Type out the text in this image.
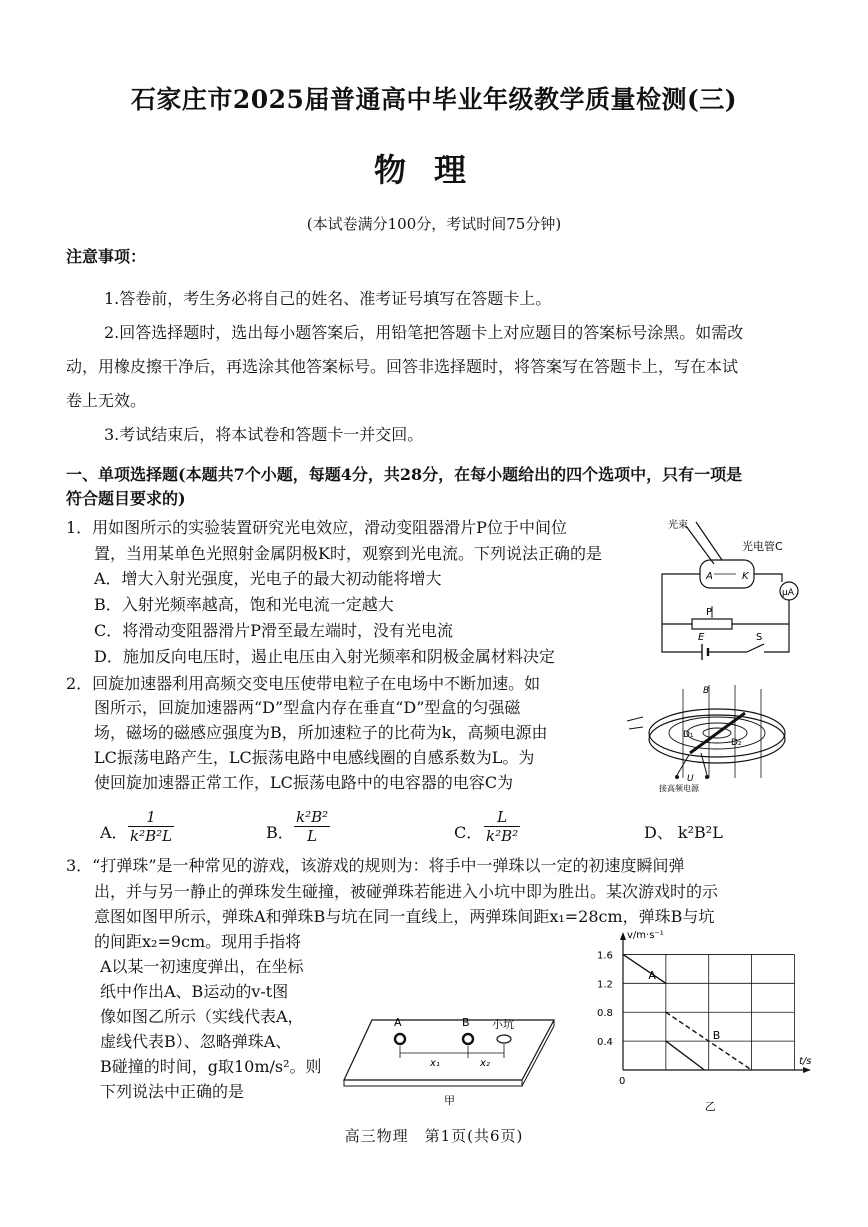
石家庄市2025届普通高中毕业年级教学质量检测(三)
物理
(本试卷满分100分，考试时间75分钟)
注意事项：
1.答卷前，考生务必将自己的姓名、准考证号填写在答题卡上。
2.回答选择题时，选出每小题答案后，用铅笔把答题卡上对应题目的答案标号涂黑。如需改
动，用橡皮擦干净后，再选涂其他答案标号。回答非选择题时，将答案写在答题卡上，写在本试
卷上无效。
3.考试结束后，将本试卷和答题卡一并交回。
一、单项选择题(本题共7个小题，每题4分，共28分，在每小题给出的四个选项中，只有一项是
符合题目要求的)
1．用如图所示的实验装置研究光电效应，滑动变阻器滑片P位于中间位
置，当用某单色光照射金属阴极K时，观察到光电流。下列说法正确的是
A．增大入射光强度，光电子的最大初动能将增大
B．入射光频率越高，饱和光电流一定越大
C．将滑动变阻器滑片P滑至最左端时，没有光电流
D．施加反向电压时，遏止电压由入射光频率和阴极金属材料决定
光束
光电管C
A	K
μA
P
E	S
2．回旋加速器利用高频交变电压使带电粒子在电场中不断加速。如
图所示，回旋加速器两“D”型盒内存在垂直“D”型盒的匀强磁
场，磁场的磁感应强度为B，所加速粒子的比荷为k，高频电源由
LC振荡电路产生，LC振荡电路中电感线圈的自感系数为L。为
使回旋加速器正常工作，LC振荡电路中的电容器的电容C为
B
D₁
D₂
U
接高频电源
A． $\frac{1}{\text{k²B²L}}$	B． $\frac{\text{k²B²}}{L}$	C． $\frac{L}{\text{k²B²}}$	D、 k²B²L
3．“打弹珠”是一种常见的游戏，该游戏的规则为：将手中一弹珠以一定的初速度瞬间弹
出，并与另一静止的弹珠发生碰撞，被碰弹珠若能进入小坑中即为胜出。某次游戏时的示
意图如图甲所示，弹珠A和弹珠B与坑在同一直线上，两弹珠间距x₁=28cm，弹珠B与坑
的间距x₂=9cm。现用手指将
A以某一初速度弹出，在坐标
纸中作出A、B运动的v-t图
像如图乙所示（实线代表A，
虚线代表B）、忽略弹珠A、
B碰撞的时间，g取10m/s²。则
下列说法中正确的是
A	B 小坑
x₁	x₂
甲
0.4
0.8
1.2
1.6
A
B
v/m·s⁻¹
t/s
0
乙
高三物理　第1页(共6页)
